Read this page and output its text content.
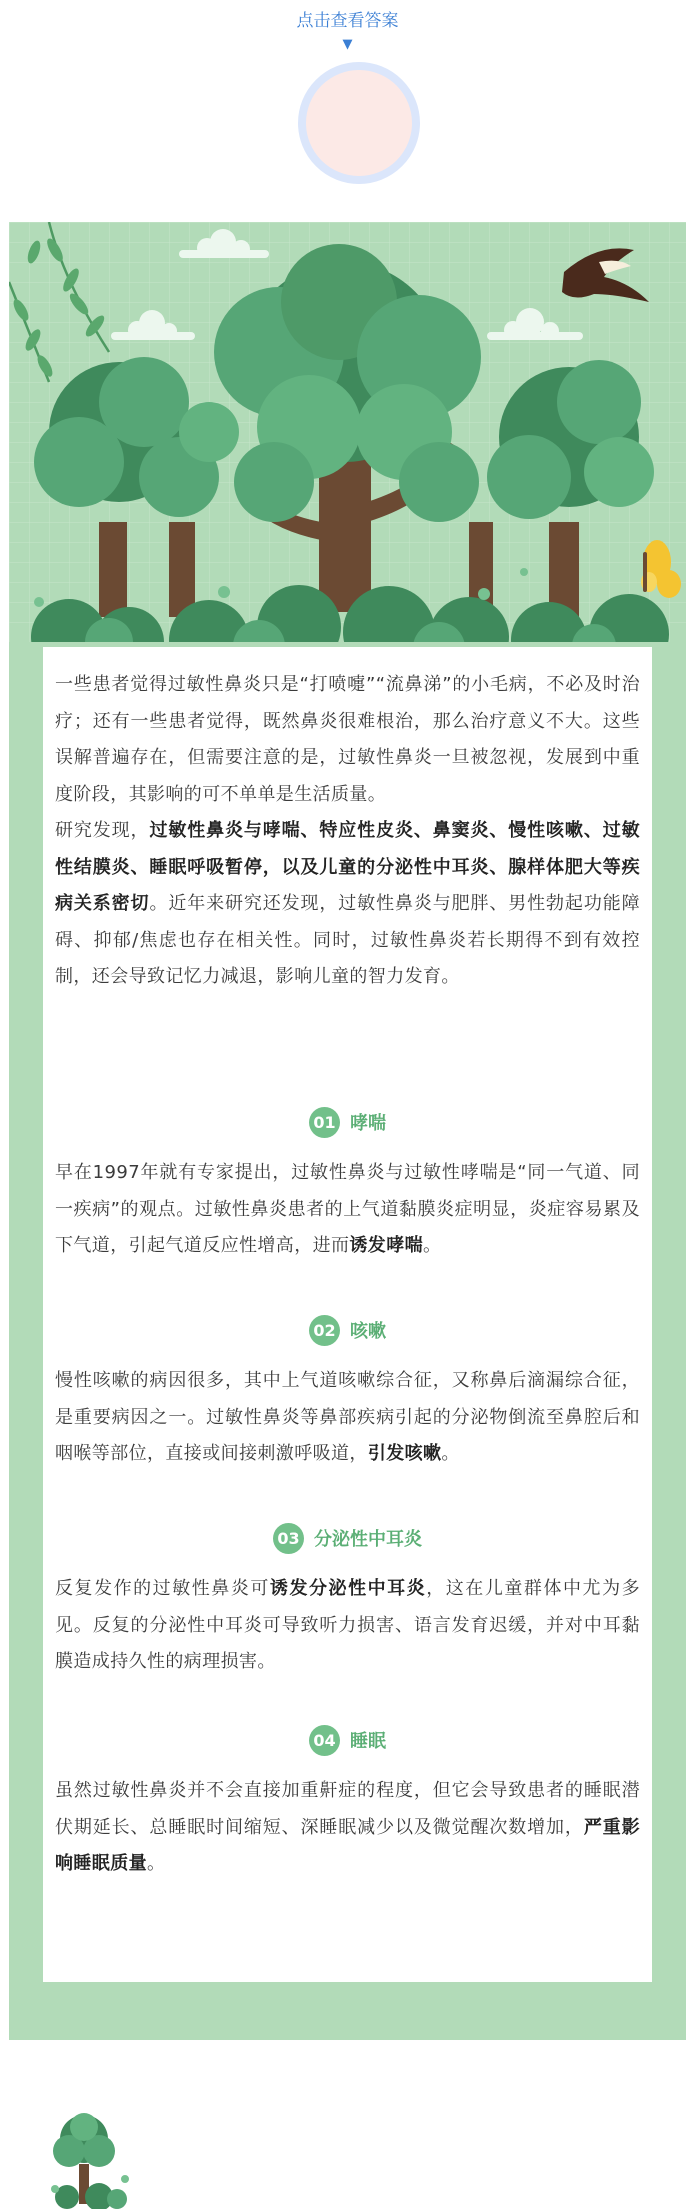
点击查看答案
▼

一些患者觉得过敏性鼻炎只是“打喷嚏”“流鼻涕”的小毛病，不必及时治疗；还有一些患者觉得，既然鼻炎很难根治，那么治疗意义不大。这些误解普遍存在，但需要注意的是，过敏性鼻炎一旦被忽视，发展到中重度阶段，其影响的可不单单是生活质量。

研究发现，过敏性鼻炎与哮喘、特应性皮炎、鼻窦炎、慢性咳嗽、过敏性结膜炎、睡眠呼吸暂停，以及儿童的分泌性中耳炎、腺样体肥大等疾病关系密切。近年来研究还发现，过敏性鼻炎与肥胖、男性勃起功能障碍、抑郁/焦虑也存在相关性。同时，过敏性鼻炎若长期得不到有效控制，还会导致记忆力减退，影响儿童的智力发育。

01 哮喘

早在1997年就有专家提出，过敏性鼻炎与过敏性哮喘是“同一气道、同一疾病”的观点。过敏性鼻炎患者的上气道黏膜炎症明显，炎症容易累及下气道，引起气道反应性增高，进而诱发哮喘。

02 咳嗽

慢性咳嗽的病因很多，其中上气道咳嗽综合征，又称鼻后滴漏综合征，是重要病因之一。过敏性鼻炎等鼻部疾病引起的分泌物倒流至鼻腔后和咽喉等部位，直接或间接刺激呼吸道，引发咳嗽。

03 分泌性中耳炎

反复发作的过敏性鼻炎可诱发分泌性中耳炎，这在儿童群体中尤为多见。反复的分泌性中耳炎可导致听力损害、语言发育迟缓，并对中耳黏膜造成持久性的病理损害。

04 睡眠

虽然过敏性鼻炎并不会直接加重鼾症的程度，但它会导致患者的睡眠潜伏期延长、总睡眠时间缩短、深睡眠减少以及微觉醒次数增加，严重影响睡眠质量。
